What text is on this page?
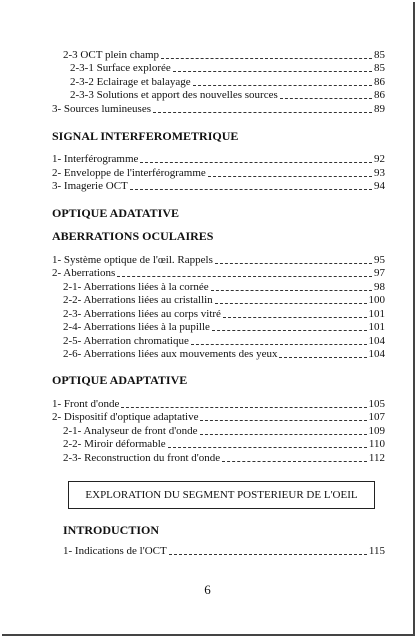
2-3 OCT plein champ	85
2-3-1 Surface explorée	85
2-3-2 Eclairage et balayage	86
2-3-3 Solutions et apport des nouvelles sources	86
3- Sources lumineuses	89
SIGNAL INTERFEROMETRIQUE
1- Interférogramme	92
2- Enveloppe de l'interférogramme	93
3- Imagerie OCT	94
OPTIQUE ADATATIVE
ABERRATIONS OCULAIRES
1- Système optique de l'œil. Rappels	95
2- Aberrations	97
2-1- Aberrations liées à la cornée	98
2-2- Aberrations liées au cristallin	100
2-3- Aberrations liées au corps vitré	101
2-4- Aberrations liées à la pupille	101
2-5- Aberration chromatique	104
2-6- Aberrations liées aux mouvements des yeux	104
OPTIQUE ADAPTATIVE
1- Front d'onde	105
2- Dispositif d'optique adaptative	107
2-1- Analyseur de front d'onde	109
2-2- Miroir déformable	110
2-3- Reconstruction du front d'onde	112
EXPLORATION DU SEGMENT POSTERIEUR DE L'OEIL
INTRODUCTION
1- Indications de l'OCT	115
6
